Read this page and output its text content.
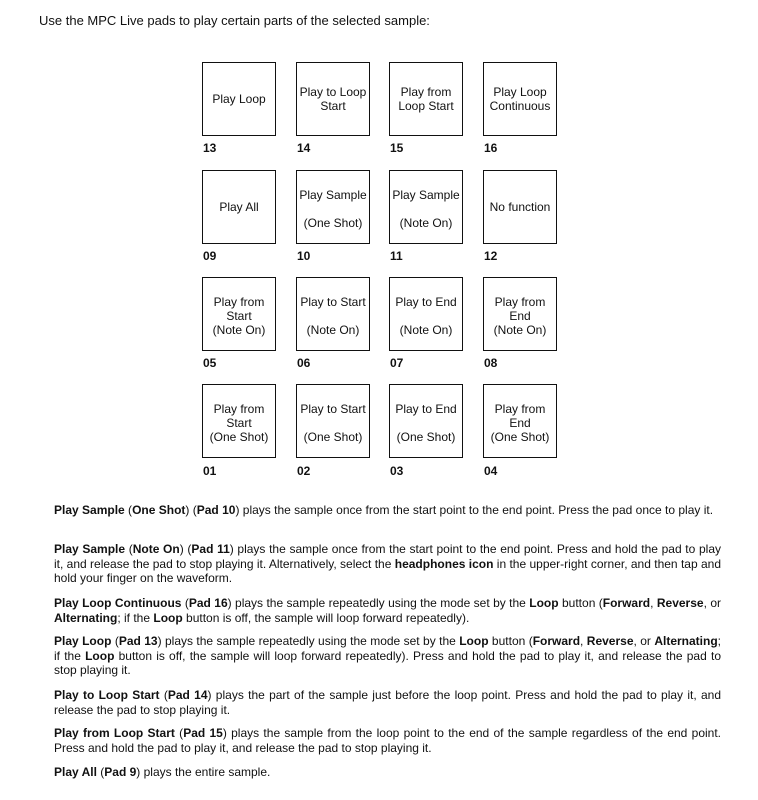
Use the MPC Live pads to play certain parts of the selected sample:
Play Loop
13
Play to Loop Start
14
Play from Loop Start
15
Play Loop Continuous
16
Play All
09
Play Sample
(One Shot)
10
Play Sample
(Note On)
11
No function
12
Play from Start
(Note On)
05
Play to Start
(Note On)
06
Play to End
(Note On)
07
Play from End
(Note On)
08
Play from Start
(One Shot)
01
Play to Start
(One Shot)
02
Play to End
(One Shot)
03
Play from End
(One Shot)
04
Play Sample (One Shot) (Pad 10) plays the sample once from the start point to the end point. Press the pad once to play it.
Play Sample (Note On) (Pad 11) plays the sample once from the start point to the end point. Press and hold the pad to play it, and release the pad to stop playing it. Alternatively, select the headphones icon in the upper-right corner, and then tap and hold your finger on the waveform.
Play Loop Continuous (Pad 16) plays the sample repeatedly using the mode set by the Loop button (Forward, Reverse, or Alternating; if the Loop button is off, the sample will loop forward repeatedly).
Play Loop (Pad 13) plays the sample repeatedly using the mode set by the Loop button (Forward, Reverse, or Alternating; if the Loop button is off, the sample will loop forward repeatedly). Press and hold the pad to play it, and release the pad to stop playing it.
Play to Loop Start (Pad 14) plays the part of the sample just before the loop point. Press and hold the pad to play it, and release the pad to stop playing it.
Play from Loop Start (Pad 15) plays the sample from the loop point to the end of the sample regardless of the end point. Press and hold the pad to play it, and release the pad to stop playing it.
Play All (Pad 9) plays the entire sample.
